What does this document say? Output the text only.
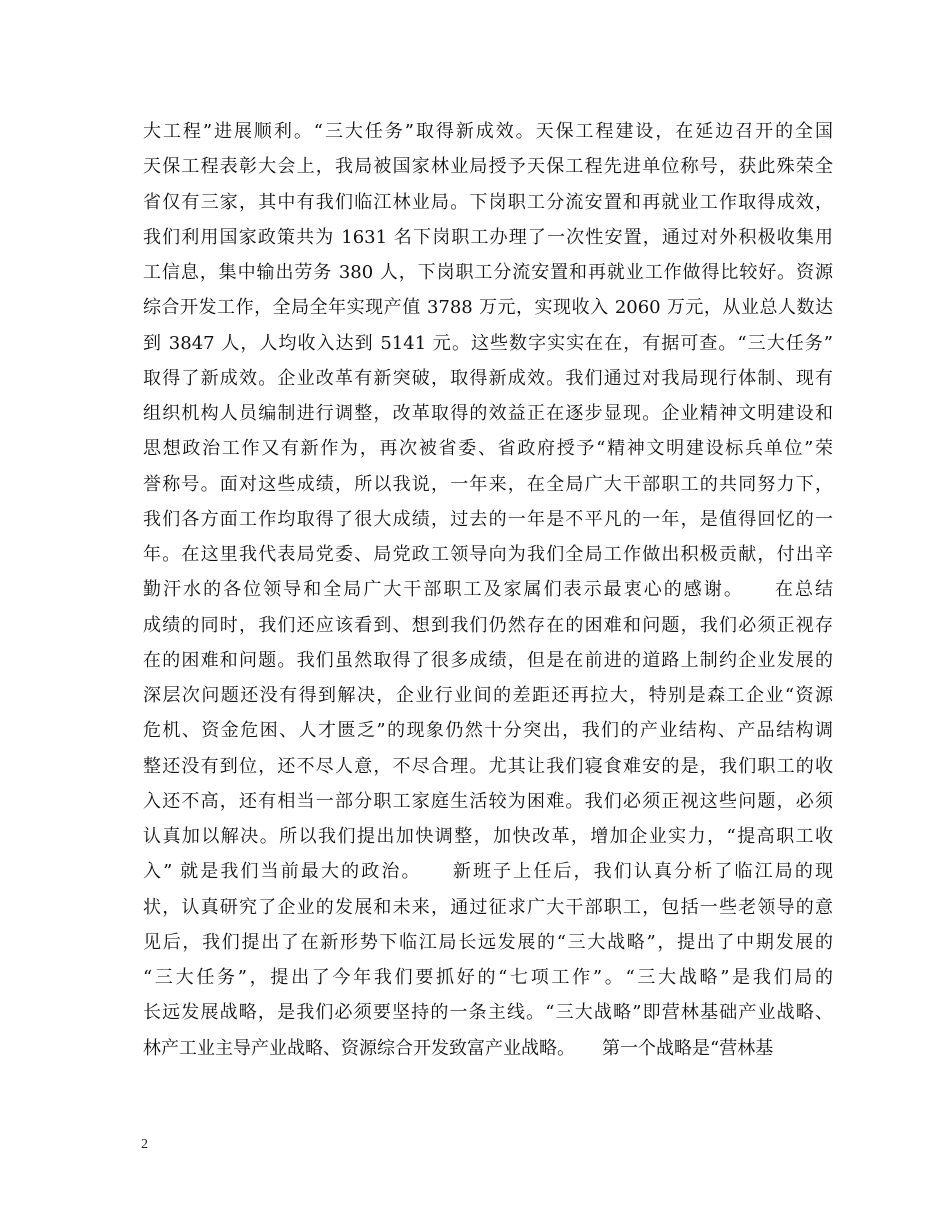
大工程”进展顺利。“三大任务”取得新成效。天保工程建设，在延边召开的全国
天保工程表彰大会上，我局被国家林业局授予天保工程先进单位称号，获此殊荣全
省仅有三家，其中有我们临江林业局。下岗职工分流安置和再就业工作取得成效，
我们利用国家政策共为 1631 名下岗职工办理了一次性安置，通过对外积极收集用
工信息，集中输出劳务 380 人，下岗职工分流安置和再就业工作做得比较好。资源
综合开发工作，全局全年实现产值 3788 万元，实现收入 2060 万元，从业总人数达
到 3847 人，人均收入达到 5141 元。这些数字实实在在，有据可查。“三大任务”
取得了新成效。企业改革有新突破，取得新成效。我们通过对我局现行体制、现有
组织机构人员编制进行调整，改革取得的效益正在逐步显现。企业精神文明建设和
思想政治工作又有新作为，再次被省委、省政府授予“精神文明建设标兵单位”荣
誉称号。面对这些成绩，所以我说，一年来，在全局广大干部职工的共同努力下，
我们各方面工作均取得了很大成绩，过去的一年是不平凡的一年，是值得回忆的一
年。在这里我代表局党委、局党政工领导向为我们全局工作做出积极贡献，付出辛
勤汗水的各位领导和全局广大干部职工及家属们表示最衷心的感谢。　　在总结
成绩的同时，我们还应该看到、想到我们仍然存在的困难和问题，我们必须正视存
在的困难和问题。我们虽然取得了很多成绩，但是在前进的道路上制约企业发展的
深层次问题还没有得到解决，企业行业间的差距还再拉大，特别是森工企业“资源
危机、资金危困、人才匮乏”的现象仍然十分突出，我们的产业结构、产品结构调
整还没有到位，还不尽人意，不尽合理。尤其让我们寝食难安的是，我们职工的收
入还不高，还有相当一部分职工家庭生活较为困难。我们必须正视这些问题，必须
认真加以解决。所以我们提出加快调整，加快改革，增加企业实力，“提高职工收
入” 就是我们当前最大的政治。　　新班子上任后，我们认真分析了临江局的现
状，认真研究了企业的发展和未来，通过征求广大干部职工，包括一些老领导的意
见后，我们提出了在新形势下临江局长远发展的“三大战略”，提出了中期发展的
“三大任务”，提出了今年我们要抓好的“七项工作”。“三大战略”是我们局的
长远发展战略，是我们必须要坚持的一条主线。“三大战略”即营林基础产业战略、
林产工业主导产业战略、资源综合开发致富产业战略。　　第一个战略是“营林基
2
